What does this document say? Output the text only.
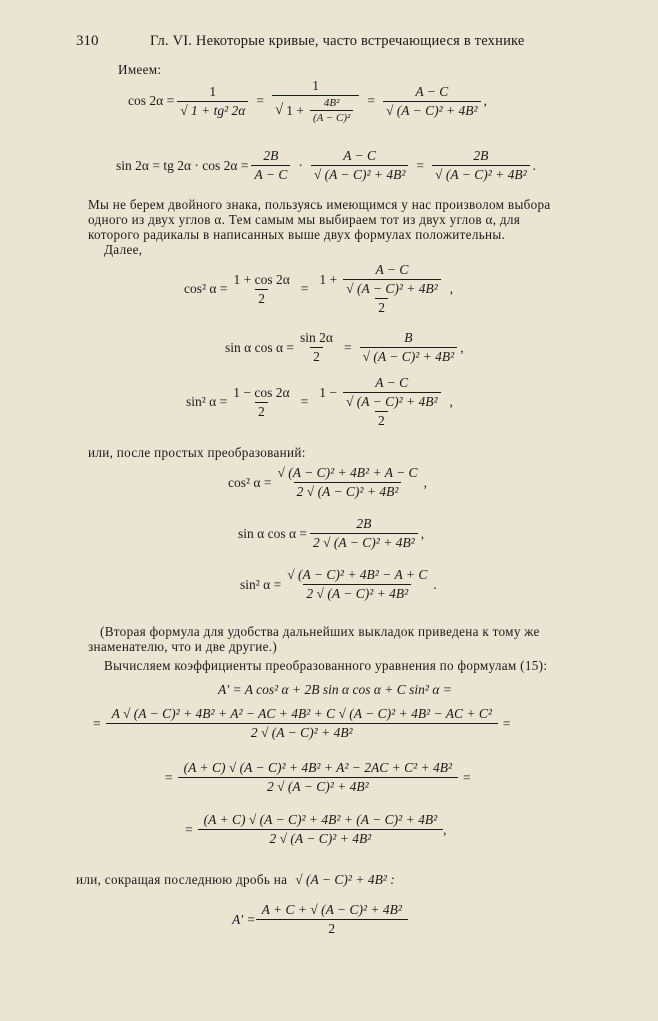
310	Гл. VI. Некоторые кривые, часто встречающиеся в технике
Имеем:
$\cos 2\alpha = \frac{1}{\text{√ 1 + tg² 2α}} = \frac{1}{√ 1 + \frac{\text{4B²}}{\text{(A − C)²}}} = \frac{A - C}{\text{√ (A − C)² + 4B²}}$ ,
sin 2α = tg $2\alpha \cdot \cos 2\alpha = \frac{2B}{A - C} \cdot \frac{A - C}{\text{√ (A − C)² + 4B²}} = \frac{2B}{\text{√ (A − C)² + 4B²}}$ .
Мы не берем двойного знака, пользуясь имеющимся у нас произволом выбора
одного из двух углов α. Тем самым мы выбираем тот из двух углов α, для
которого радикалы в написанных выше двух формулах положительны.
Далее,
cos² $\alpha = \frac{1 + \cos 2\alpha}{2} = \frac{1 + \frac{A - C}{\text{√ (A − C)² + 4B²}}}{2}$ ,
sin α $\cos \alpha = \frac{\sin 2\alpha}{2} = \frac{B}{\text{√ (A − C)² + 4B²}}$ ,
sin² $\alpha = \frac{1 - \cos 2\alpha}{2} = \frac{1 - \frac{A - C}{\text{√ (A − C)² + 4B²}}}{2}$ ,
или, после простых преобразований:
cos² $\alpha = \frac{\text{√ (A − C)² + 4B² + A − C}}{\text{2 √ (A − C)² + 4B²}}$ ,
sin α $\cos \alpha = \frac{2B}{\text{2 √ (A − C)² + 4B²}}$ ,
sin² $\alpha = \frac{\text{√ (A − C)² + 4B² − A + C}}{\text{2 √ (A − C)² + 4B²}}$ .
(Вторая формула для удобства дальнейших выкладок приведена к тому же
знаменателю, что и две другие.)
Вычисляем коэффициенты преобразованного уравнения по формулам (15):
A' = A cos² α + 2B sin α cos α + C sin² α =
=
A √ (A − C)² + 4B² + A² − AC + 4B² + C √ (A − C)² + 4B² − AC + C²
2 √ (A − C)² + 4B²
=
= $\frac{\text{(A + C) √ (A − C)² + 4B² + A² − 2AC + C² + 4B²}}{\text{2 √ (A − C)² + 4B²}}$ =
= $\frac{\text{(A + C) √ (A − C)² + 4B² + (A − C)² + 4B²}}{\text{2 √ (A − C)² + 4B²}}$ ,
или, сокращая последнюю дробь на √ (A − C)² + 4B² :
$A' = \frac{\text{A + C + √ (A − C)² + 4B²}}{2}$
